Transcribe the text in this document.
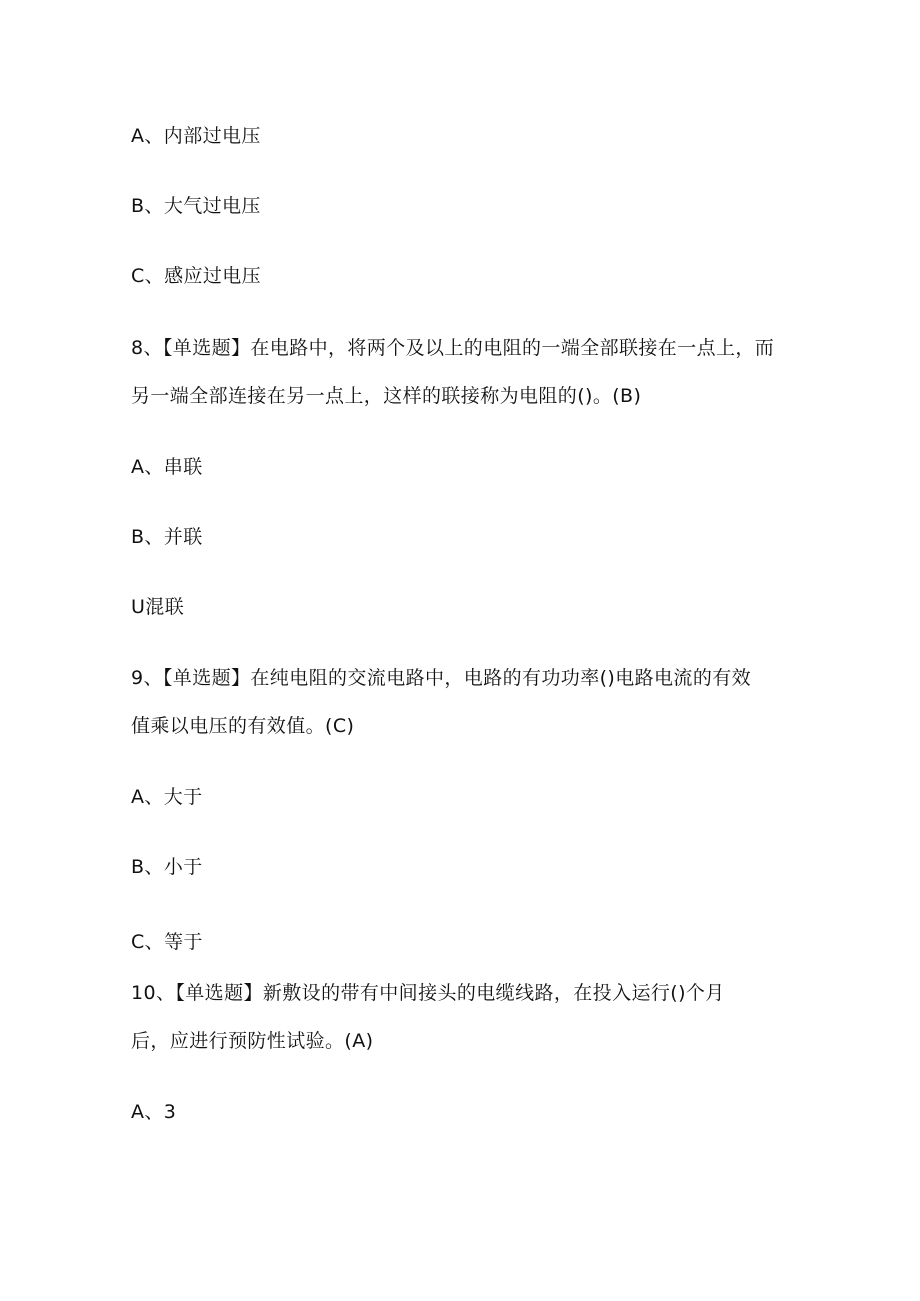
A、内部过电压

B、大气过电压

C、感应过电压

8、【单选题】在电路中，将两个及以上的电阻的一端全部联接在一点上，而

另一端全部连接在另一点上，这样的联接称为电阻的()。(B)

A、串联

B、并联

U混联

9、【单选题】在纯电阻的交流电路中，电路的有功功率()电路电流的有效

值乘以电压的有效值。(C)

A、大于

B、小于

C、等于

10、【单选题】新敷设的带有中间接头的电缆线路，在投入运行()个月

后，应进行预防性试验。(A)

A、3
